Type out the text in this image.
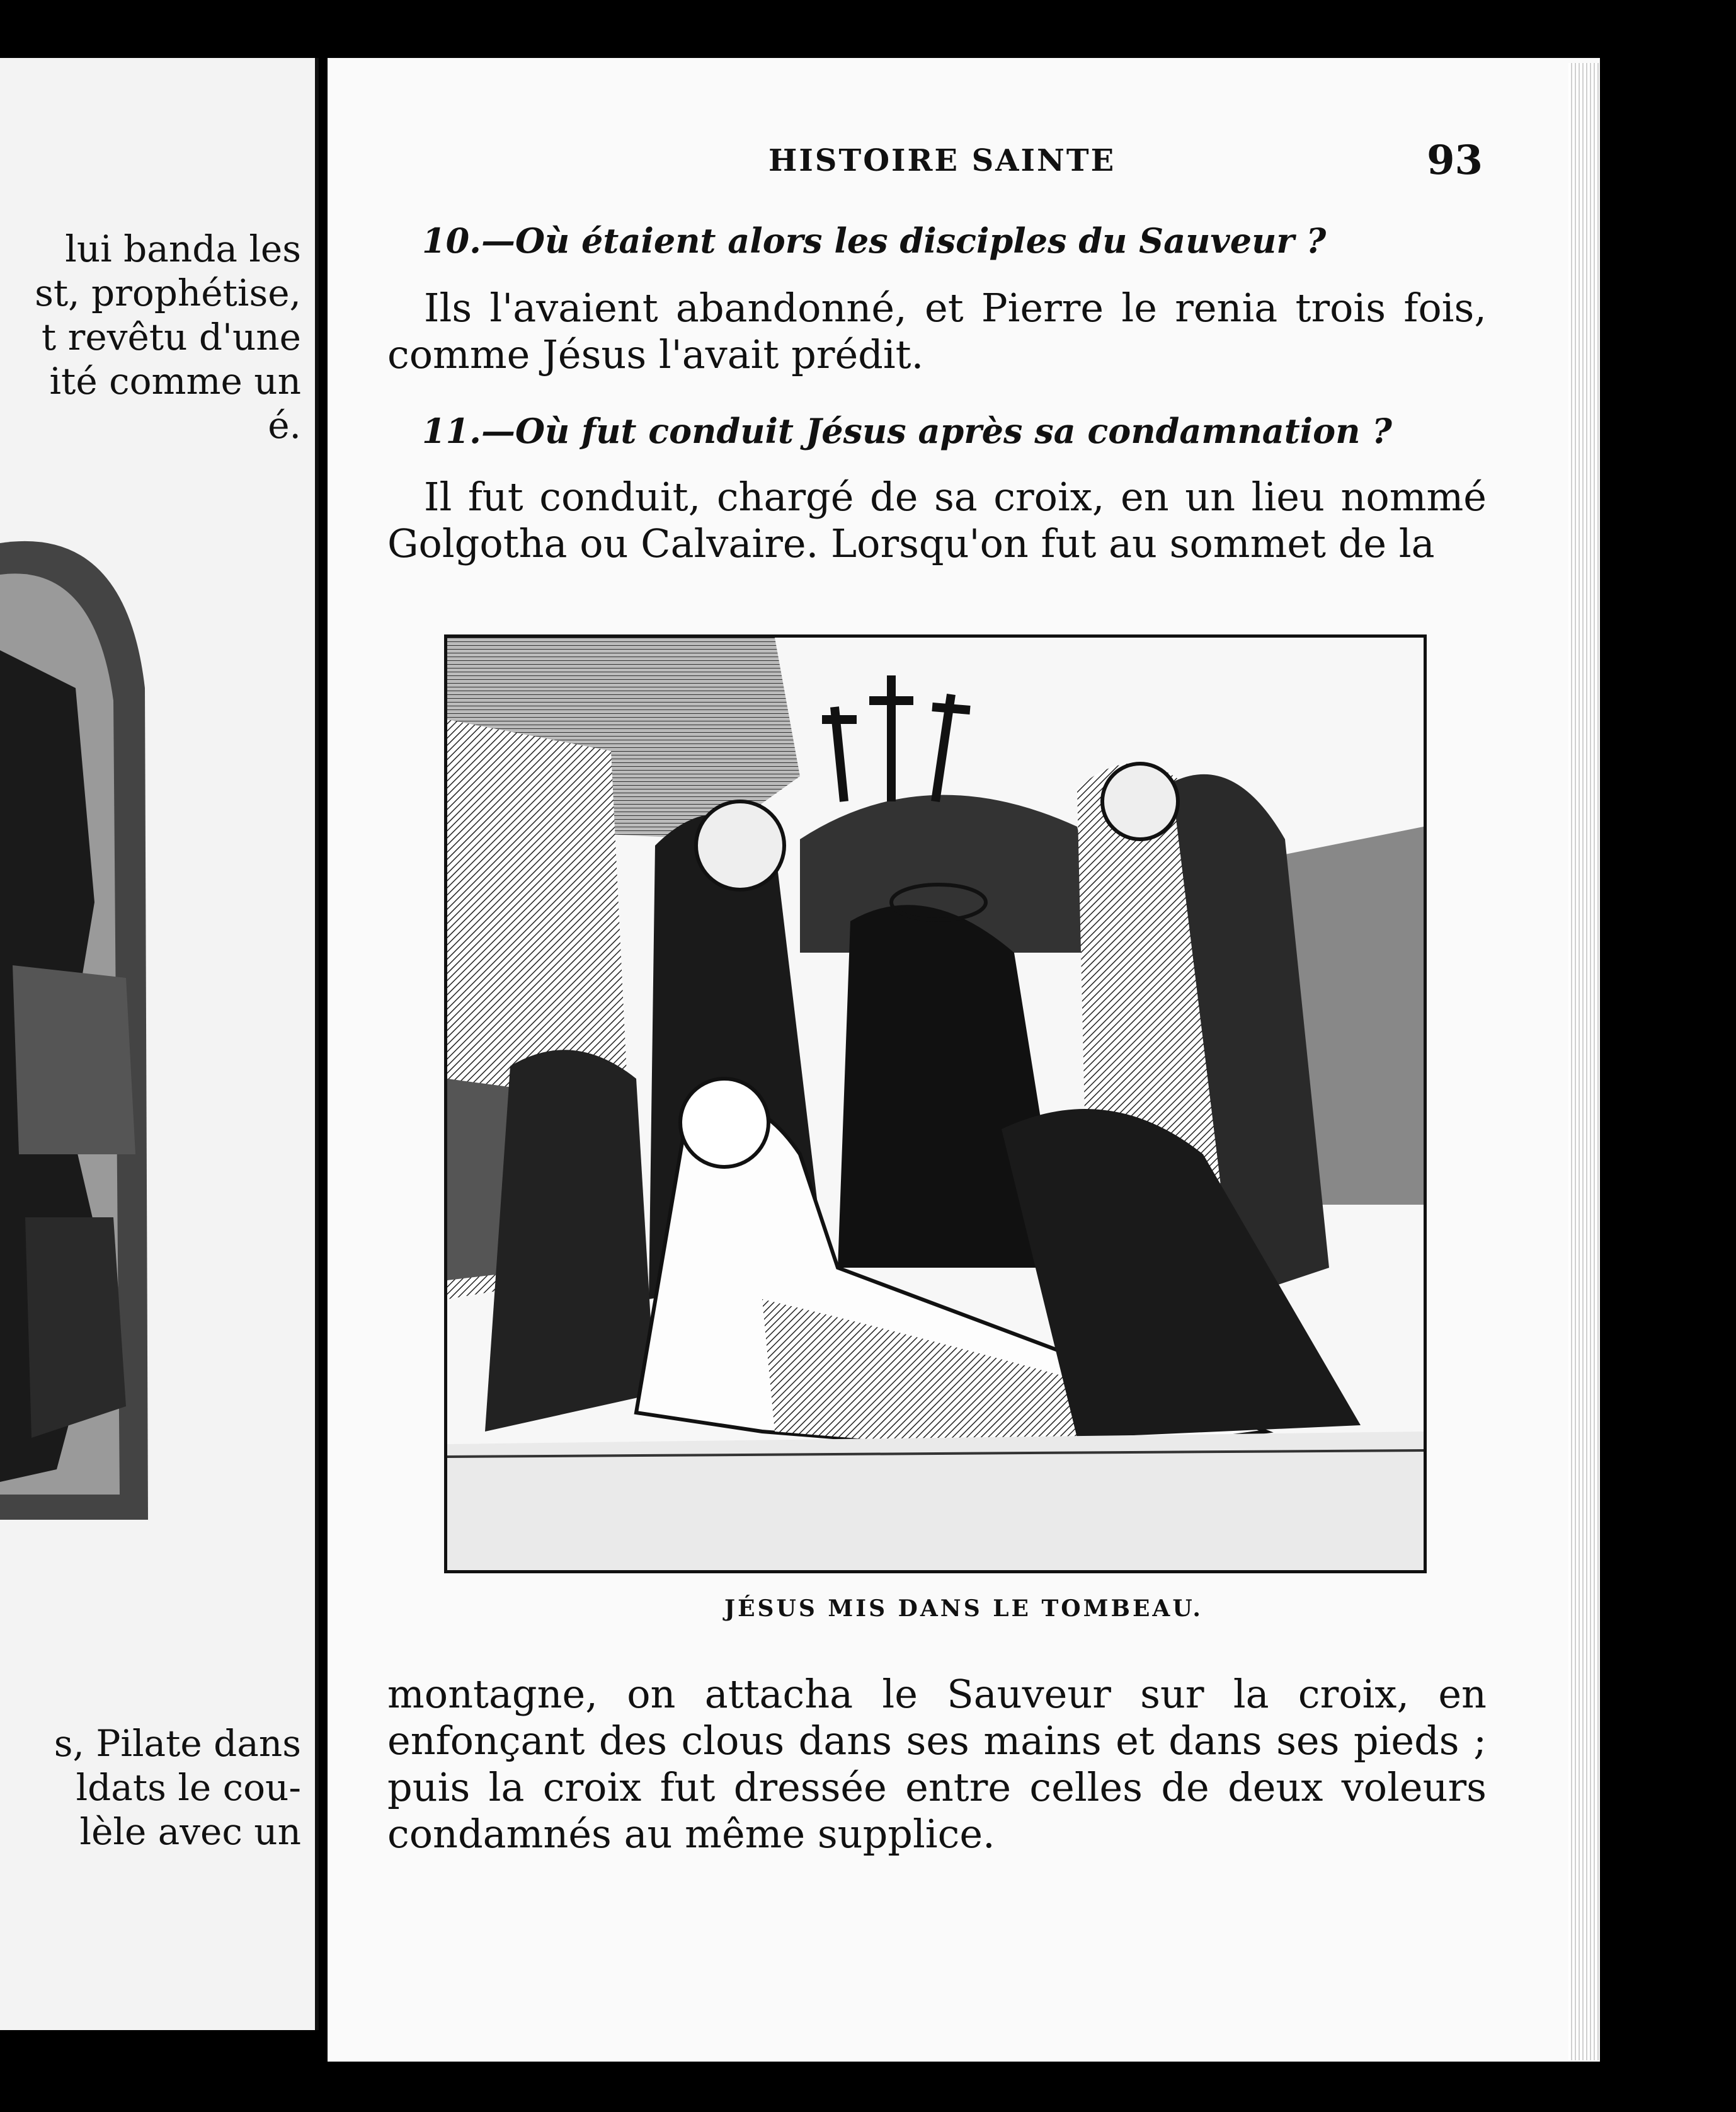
lui banda les
st, prophétise,
t revêtu d'une
ité comme un
é.
s, Pilate dans
ldats le cou-
lèle avec un
HISTOIRE SAINTE	93
10.—Où étaient alors les disciples du Sauveur ?
Ils l'avaient abandonné, et Pierre le renia trois fois, comme Jésus l'avait prédit.
11.—Où fut conduit Jésus après sa condamnation ?
Il fut conduit, chargé de sa croix, en un lieu nommé Golgotha ou Calvaire. Lorsqu'on fut au sommet de la
JÉSUS MIS DANS LE TOMBEAU.
montagne, on attacha le Sauveur sur la croix, en enfonçant des clous dans ses mains et dans ses pieds ; puis la croix fut dressée entre celles de deux voleurs condamnés au même supplice.
